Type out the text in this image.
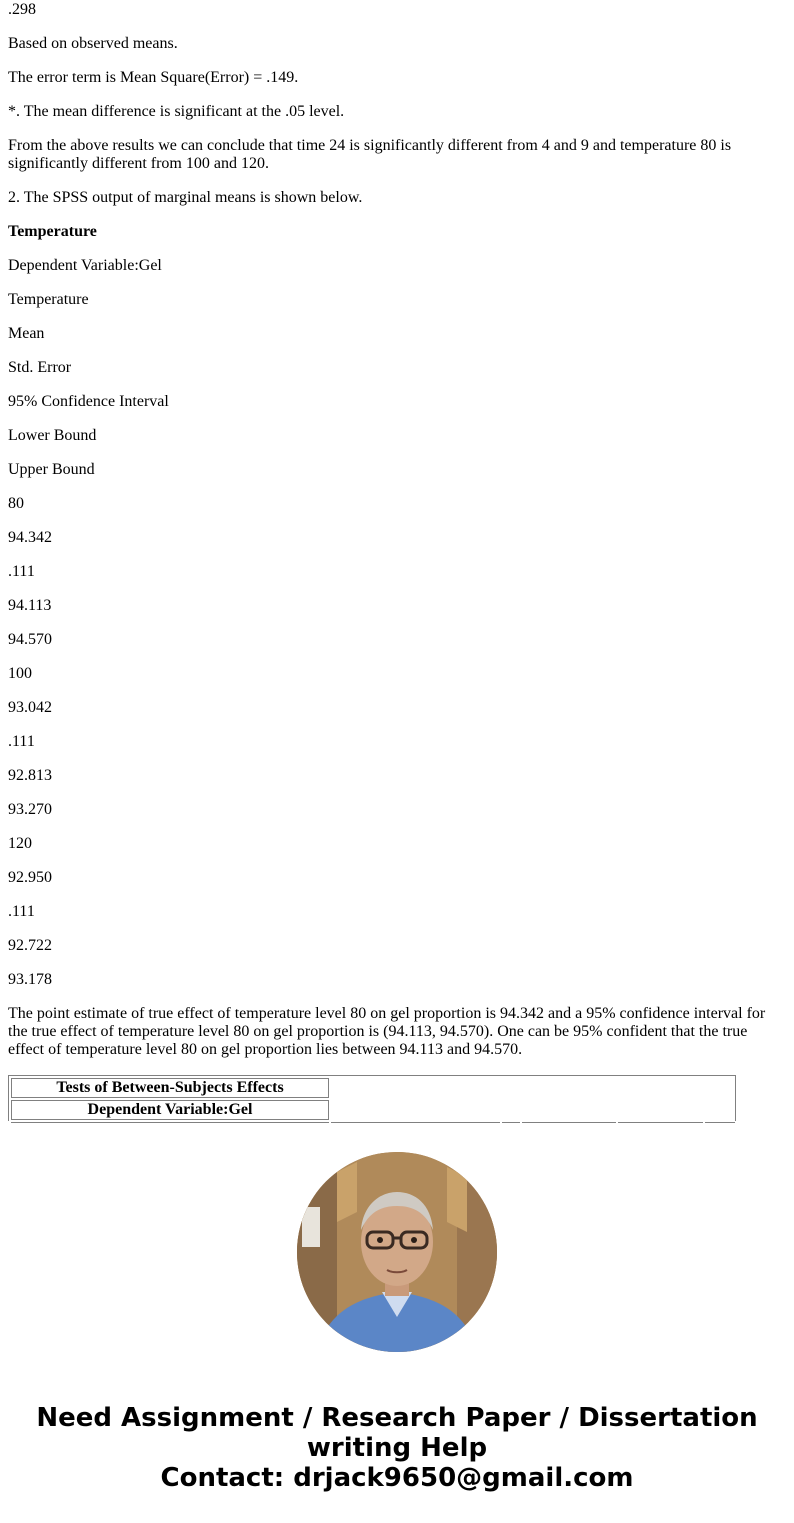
.298

Based on observed means.

The error term is Mean Square(Error) = .149.

*. The mean difference is significant at the .05 level.

From the above results we can conclude that time 24 is significantly different from 4 and 9 and temperature 80 is significantly different from 100 and 120.

2. The SPSS output of marginal means is shown below.

Temperature

Dependent Variable:Gel

Temperature

Mean

Std. Error

95% Confidence Interval

Lower Bound

Upper Bound

80

94.342

.111

94.113

94.570

100

93.042

.111

92.813

93.270

120

92.950

.111

92.722

93.178

The point estimate of true effect of temperature level 80 on gel proportion is 94.342 and a 95% confidence interval for the true effect of temperature level 80 on gel proportion is (94.113, 94.570). One can be 95% confident that the true effect of temperature level 80 on gel proportion lies between 94.113 and 94.570.

Tests of Between-Subjects Effects
Dependent Variable:Gel
Need Assignment / Research Paper / Dissertation
writing Help
Contact: drjack9650@gmail.com
